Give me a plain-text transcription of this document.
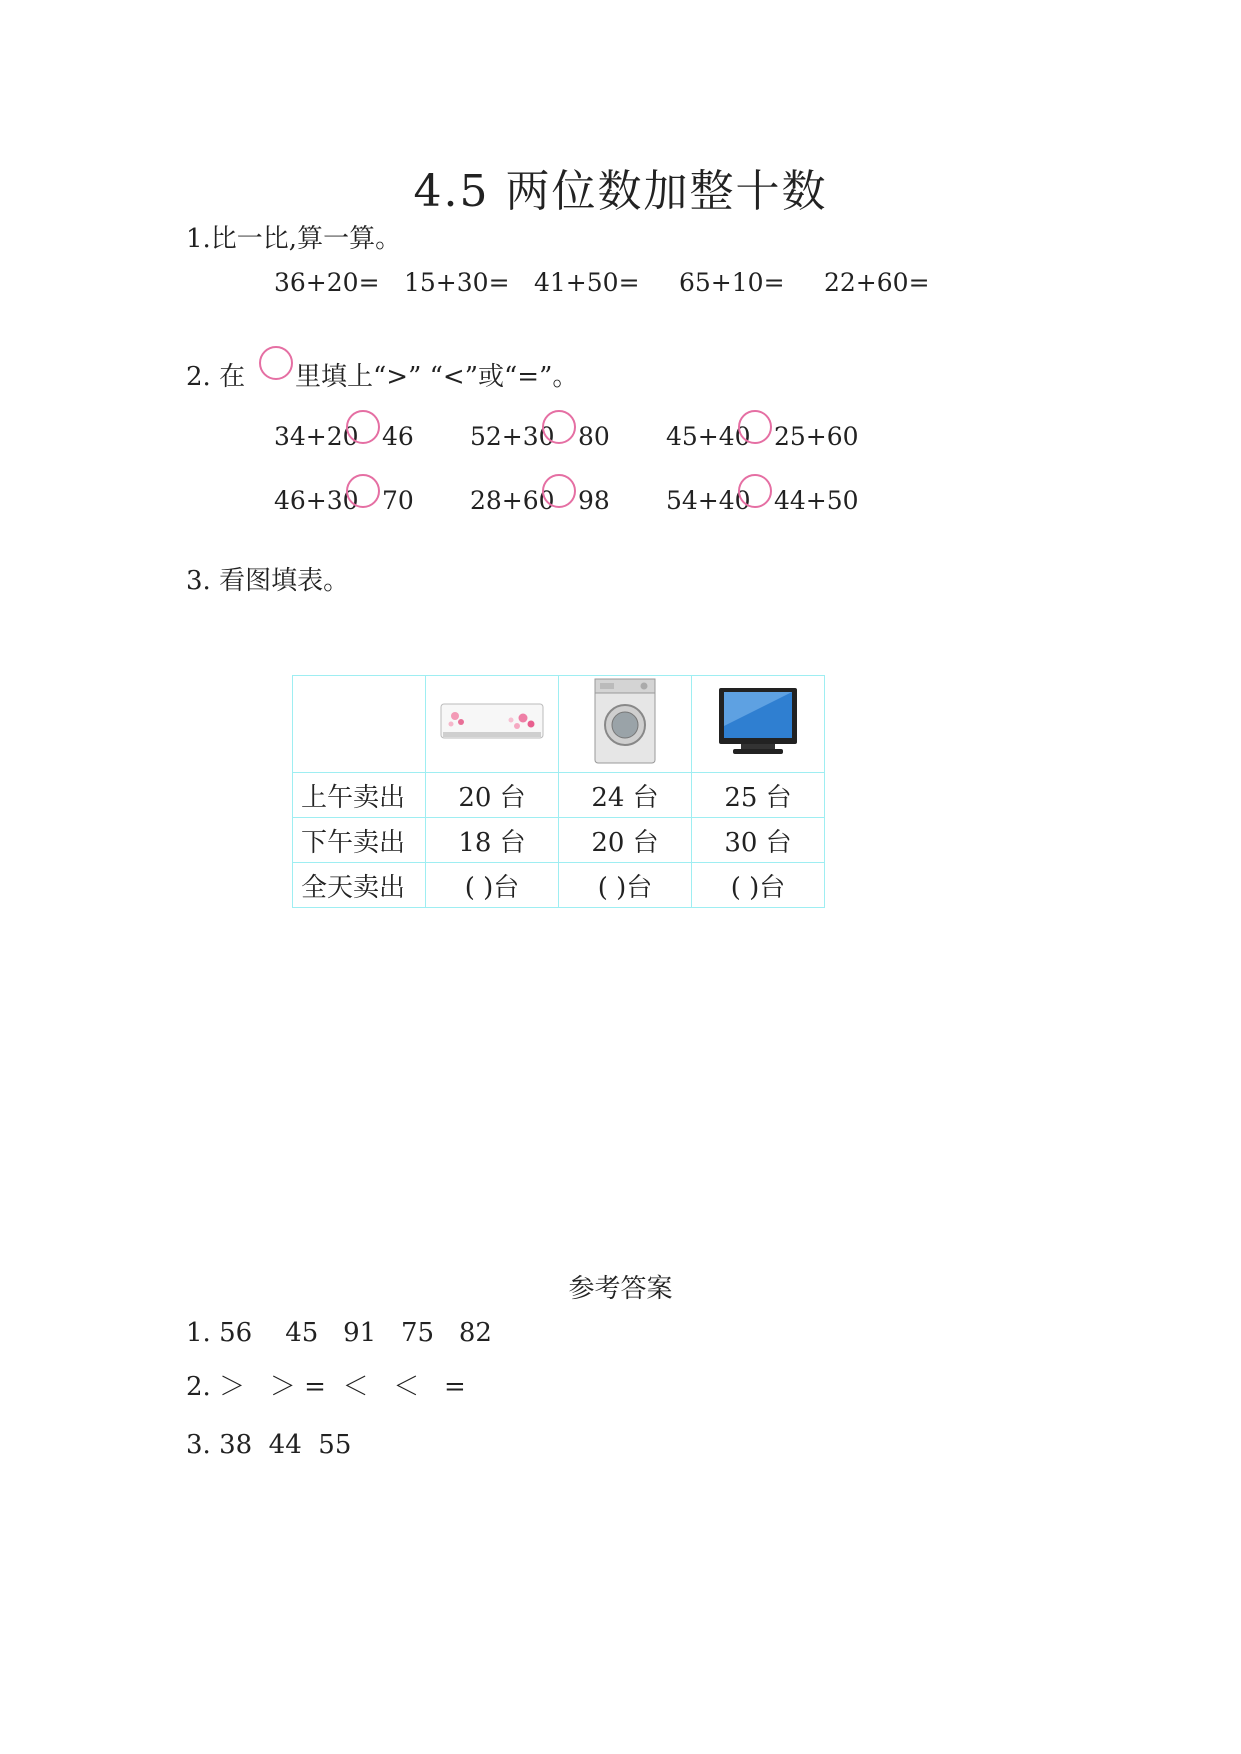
4.5 两位数加整十数
1.比一比,算一算。
36+20= 15+30= 41+50= 65+10= 22+60=
2. 在 里填上“>” “<”或“=”。
34+20 46 52+30 80 45+40 25+60
46+30 70 28+60 98 54+40 44+50
3. 看图填表。

上午卖出	20 台	24 台	25 台
下午卖出	18 台	20 台	30 台
全天卖出	( )台	( )台	( )台
参考答案
1. 56    45   91   75   82
2. ＞   ＞ =  ＜   ＜   =
3. 38  44  55
